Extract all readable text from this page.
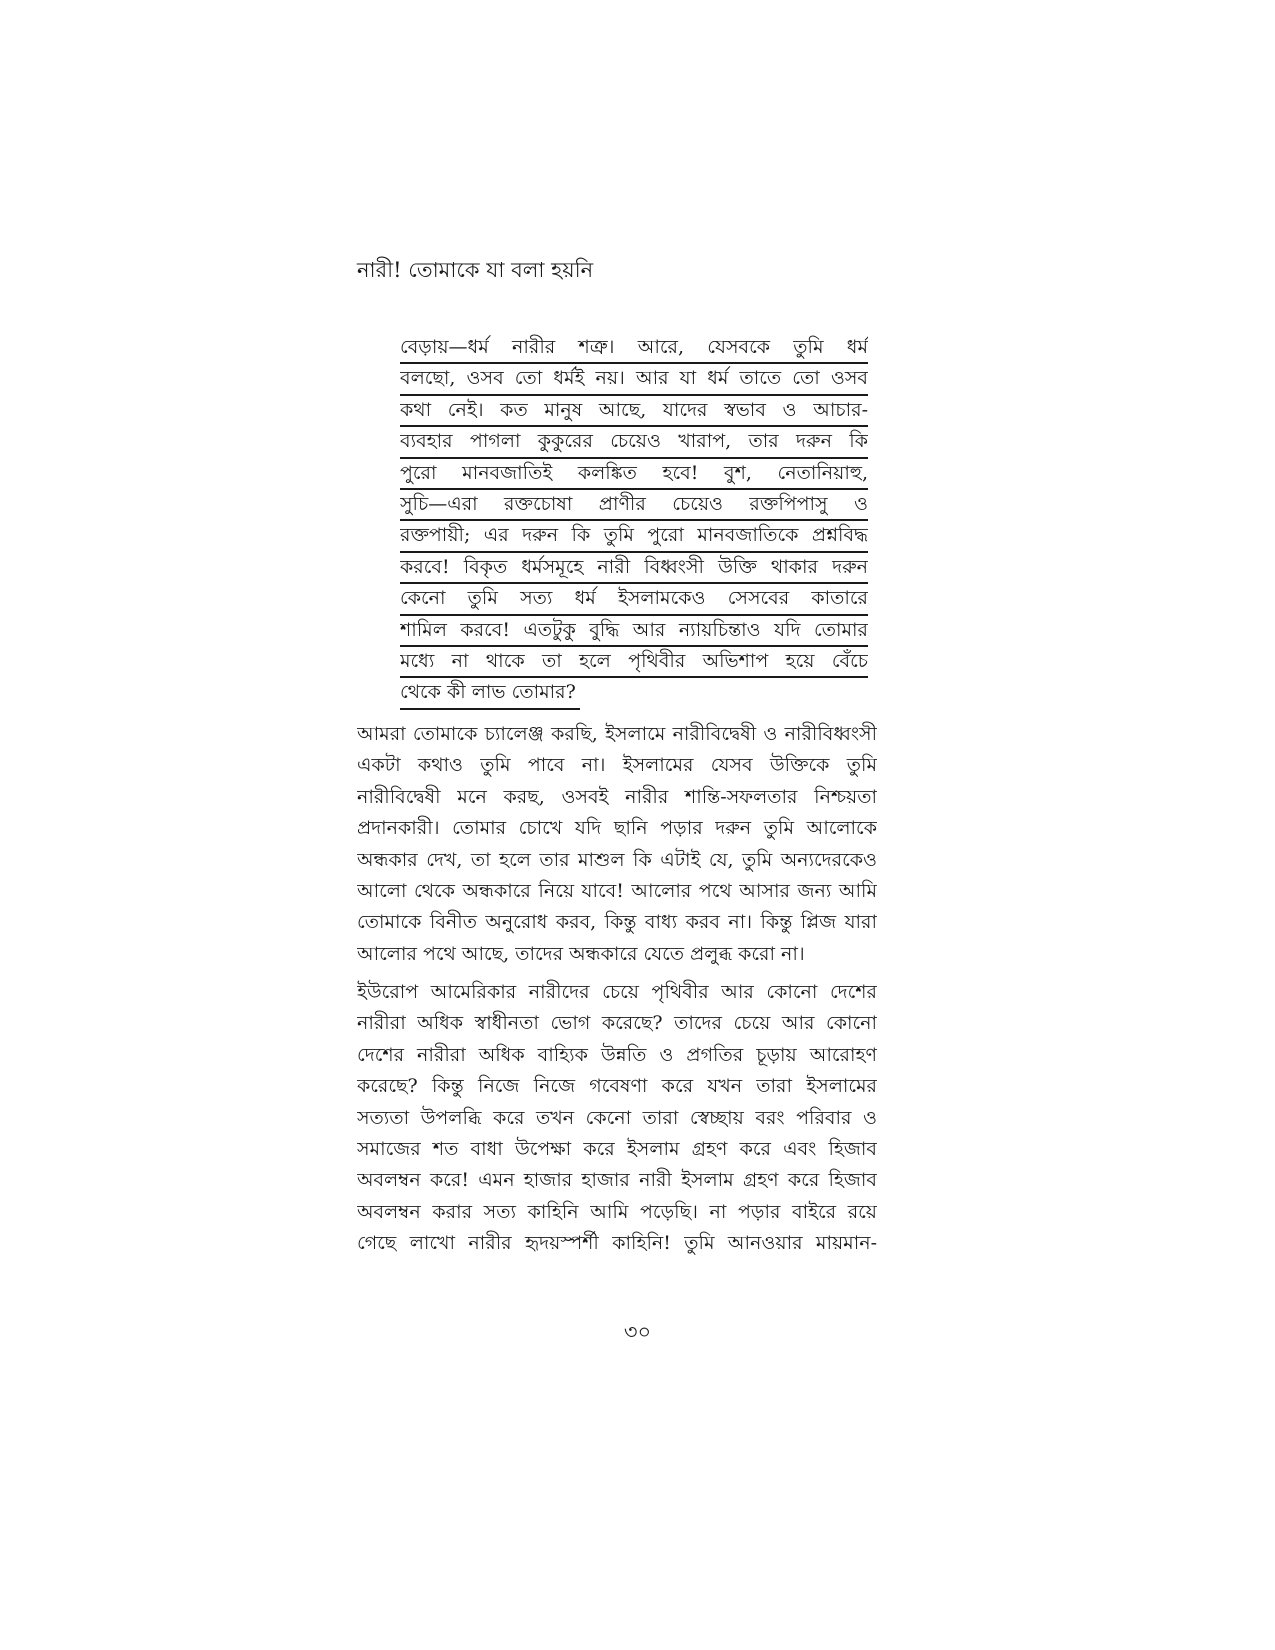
নারী! তোমাকে যা বলা হয়নি
বেড়ায়—ধর্ম নারীর শত্রু। আরে, যেসবকে তুমি ধর্ম
বলছো, ওসব তো ধর্মই নয়। আর যা ধর্ম তাতে তো ওসব
কথা নেই। কত মানুষ আছে, যাদের স্বভাব ও আচার-
ব্যবহার পাগলা কুকুরের চেয়েও খারাপ, তার দরুন কি
পুরো মানবজাতিই কলঙ্কিত হবে! বুশ, নেতানিয়াহু,
সুচি—এরা রক্তচোষা প্রাণীর চেয়েও রক্তপিপাসু ও
রক্তপায়ী; এর দরুন কি তুমি পুরো মানবজাতিকে প্রশ্নবিদ্ধ
করবে! বিকৃত ধর্মসমূহে নারী বিধ্বংসী উক্তি থাকার দরুন
কেনো তুমি সত্য ধর্ম ইসলামকেও সেসবের কাতারে
শামিল করবে! এতটুকু বুদ্ধি আর ন্যায়চিন্তাও যদি তোমার
মধ্যে না থাকে তা হলে পৃথিবীর অভিশাপ হয়ে বেঁচে
থেকে কী লাভ তোমার?
আমরা তোমাকে চ্যালেঞ্জ করছি, ইসলামে নারীবিদ্বেষী ও নারীবিধ্বংসী
একটা কথাও তুমি পাবে না। ইসলামের যেসব উক্তিকে তুমি
নারীবিদ্বেষী মনে করছ, ওসবই নারীর শান্তি-সফলতার নিশ্চয়তা
প্রদানকারী। তোমার চোখে যদি ছানি পড়ার দরুন তুমি আলোকে
অন্ধকার দেখ, তা হলে তার মাশুল কি এটাই যে, তুমি অন্যদেরকেও
আলো থেকে অন্ধকারে নিয়ে যাবে! আলোর পথে আসার জন্য আমি
তোমাকে বিনীত অনুরোধ করব, কিন্তু বাধ্য করব না। কিন্তু প্লিজ যারা
আলোর পথে আছে, তাদের অন্ধকারে যেতে প্রলুব্ধ করো না।
ইউরোপ আমেরিকার নারীদের চেয়ে পৃথিবীর আর কোনো দেশের
নারীরা অধিক স্বাধীনতা ভোগ করেছে? তাদের চেয়ে আর কোনো
দেশের নারীরা অধিক বাহ্যিক উন্নতি ও প্রগতির চূড়ায় আরোহণ
করেছে? কিন্তু নিজে নিজে গবেষণা করে যখন তারা ইসলামের
সত্যতা উপলব্ধি করে তখন কেনো তারা স্বেচ্ছায় বরং পরিবার ও
সমাজের শত বাধা উপেক্ষা করে ইসলাম গ্রহণ করে এবং হিজাব
অবলম্বন করে! এমন হাজার হাজার নারী ইসলাম গ্রহণ করে হিজাব
অবলম্বন করার সত্য কাহিনি আমি পড়েছি। না পড়ার বাইরে রয়ে
গেছে লাখো নারীর হৃদয়স্পর্শী কাহিনি! তুমি আনওয়ার মায়মান-
৩০
